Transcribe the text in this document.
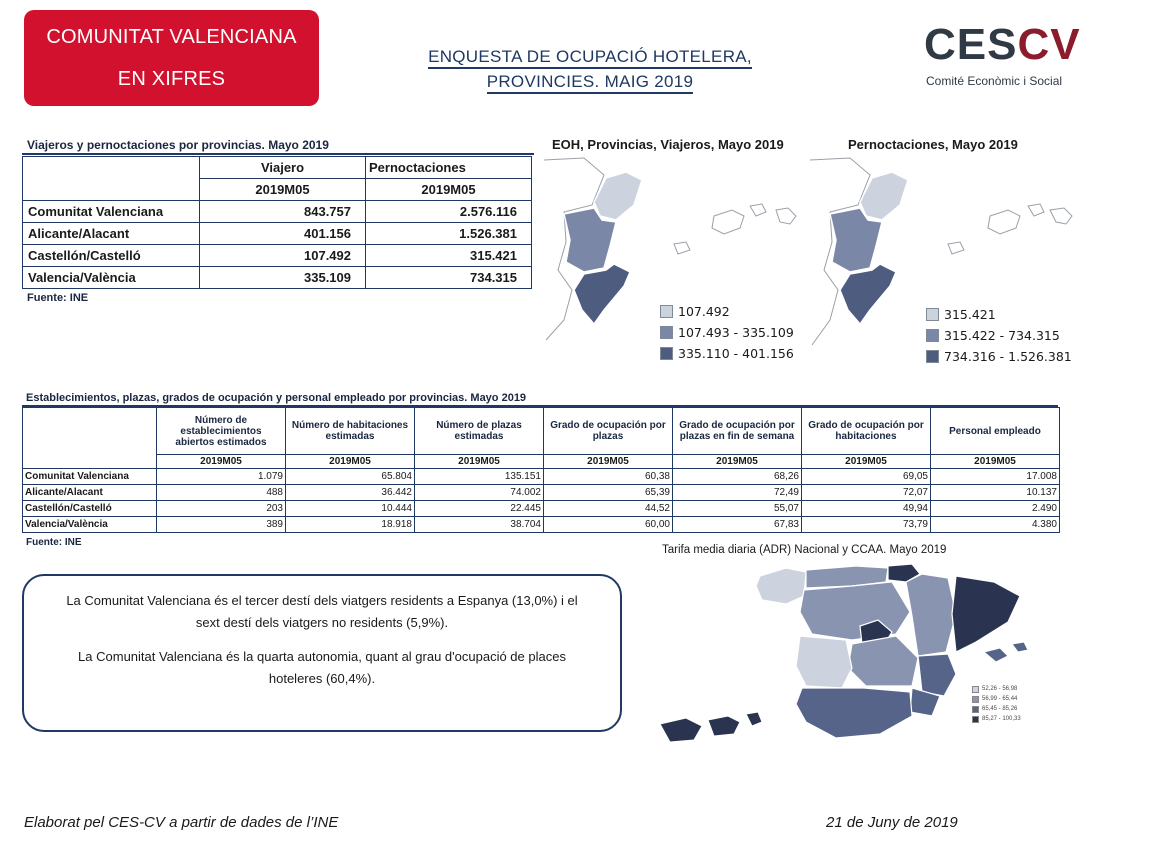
COMUNITAT VALENCIANA
EN XIFRES
ENQUESTA DE OCUPACIÓ HOTELERA,
PROVINCIES. MAIG 2019
CESCV
Comité Econòmic i Social
Viajeros y pernoctaciones por provincias. Mayo 2019
	Viajero	Pernoctaciones
	2019M05	2019M05
Comunitat Valenciana	843.757	2.576.116
Alicante/Alacant	401.156	1.526.381
Castellón/Castelló	107.492	315.421
Valencia/València	335.109	734.315
Fuente: INE
EOH, Provincias, Viajeros, Mayo 2019
107.492
107.493 - 335.109
335.110 - 401.156
Pernoctaciones, Mayo 2019
315.421
315.422 - 734.315
734.316 - 1.526.381
Establecimientos, plazas, grados de ocupación y personal empleado por provincias. Mayo 2019
	Número de establecimientos abiertos estimados	Número de habitaciones estimadas	Número de plazas estimadas	Grado de ocupación por plazas	Grado de ocupación por plazas en fin de semana	Grado de ocupación por habitaciones	Personal empleado
	2019M05	2019M05	2019M05	2019M05	2019M05	2019M05	2019M05
Comunitat Valenciana	1.079	65.804	135.151	60,38	68,26	69,05	17.008
Alicante/Alacant	488	36.442	74.002	65,39	72,49	72,07	10.137
Castellón/Castelló	203	10.444	22.445	44,52	55,07	49,94	2.490
Valencia/València	389	18.918	38.704	60,00	67,83	73,79	4.380
Fuente: INE

La Comunitat Valenciana és el tercer destí dels viatgers residents a Espanya (13,0%) i el sext destí dels viatgers no residents (5,9%).

La Comunitat Valenciana és la quarta autonomia, quant al grau d'ocupació de places hoteleres (60,4%).

Tarifa media diaria (ADR) Nacional y CCAA. Mayo 2019
52,26 - 56,98
56,99 - 65,44
65,45 - 85,26
85,27 - 100,33
Elaborat pel CES-CV a partir de dades de l’INE	21 de Juny de 2019
